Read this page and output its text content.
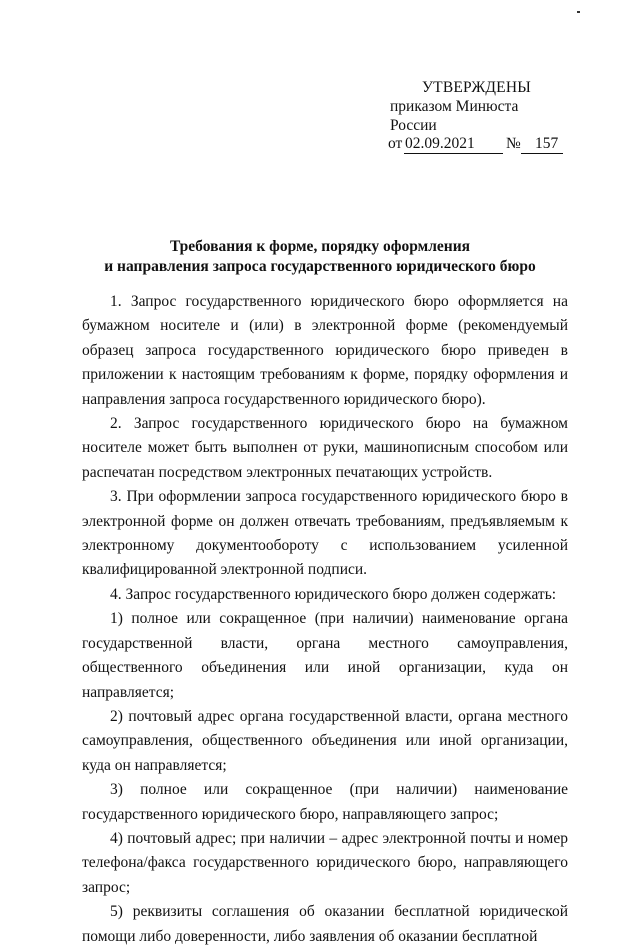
УТВЕРЖДЕНЫ
приказом Минюста России
от 02.09.2021 № 157
Требования к форме, порядку оформления
и направления запроса государственного юридического бюро

1. Запрос государственного юридического бюро оформляется на бумажном носителе и (или) в электронной форме (рекомендуемый образец запроса государственного юридического бюро приведен в приложении к настоящим требованиям к форме, порядку оформления и направления запроса государственного юридического бюро).

2. Запрос государственного юридического бюро на бумажном носителе может быть выполнен от руки, машинописным способом или распечатан посредством электронных печатающих устройств.

3. При оформлении запроса государственного юридического бюро в электронной форме он должен отвечать требованиям, предъявляемым к электронному документообороту с использованием усиленной квалифицированной электронной подписи.

4. Запрос государственного юридического бюро должен содержать:

1) полное или сокращенное (при наличии) наименование органа государственной власти, органа местного самоуправления, общественного объединения или иной организации, куда он направляется;

2) почтовый адрес органа государственной власти, органа местного самоуправления, общественного объединения или иной организации, куда он направляется;

3) полное или сокращенное (при наличии) наименование государственного юридического бюро, направляющего запрос;

4) почтовый адрес; при наличии – адрес электронной почты и номер телефона/факса государственного юридического бюро, направляющего запрос;

5) реквизиты соглашения об оказании бесплатной юридической помощи либо доверенности, либо заявления об оказании бесплатной
